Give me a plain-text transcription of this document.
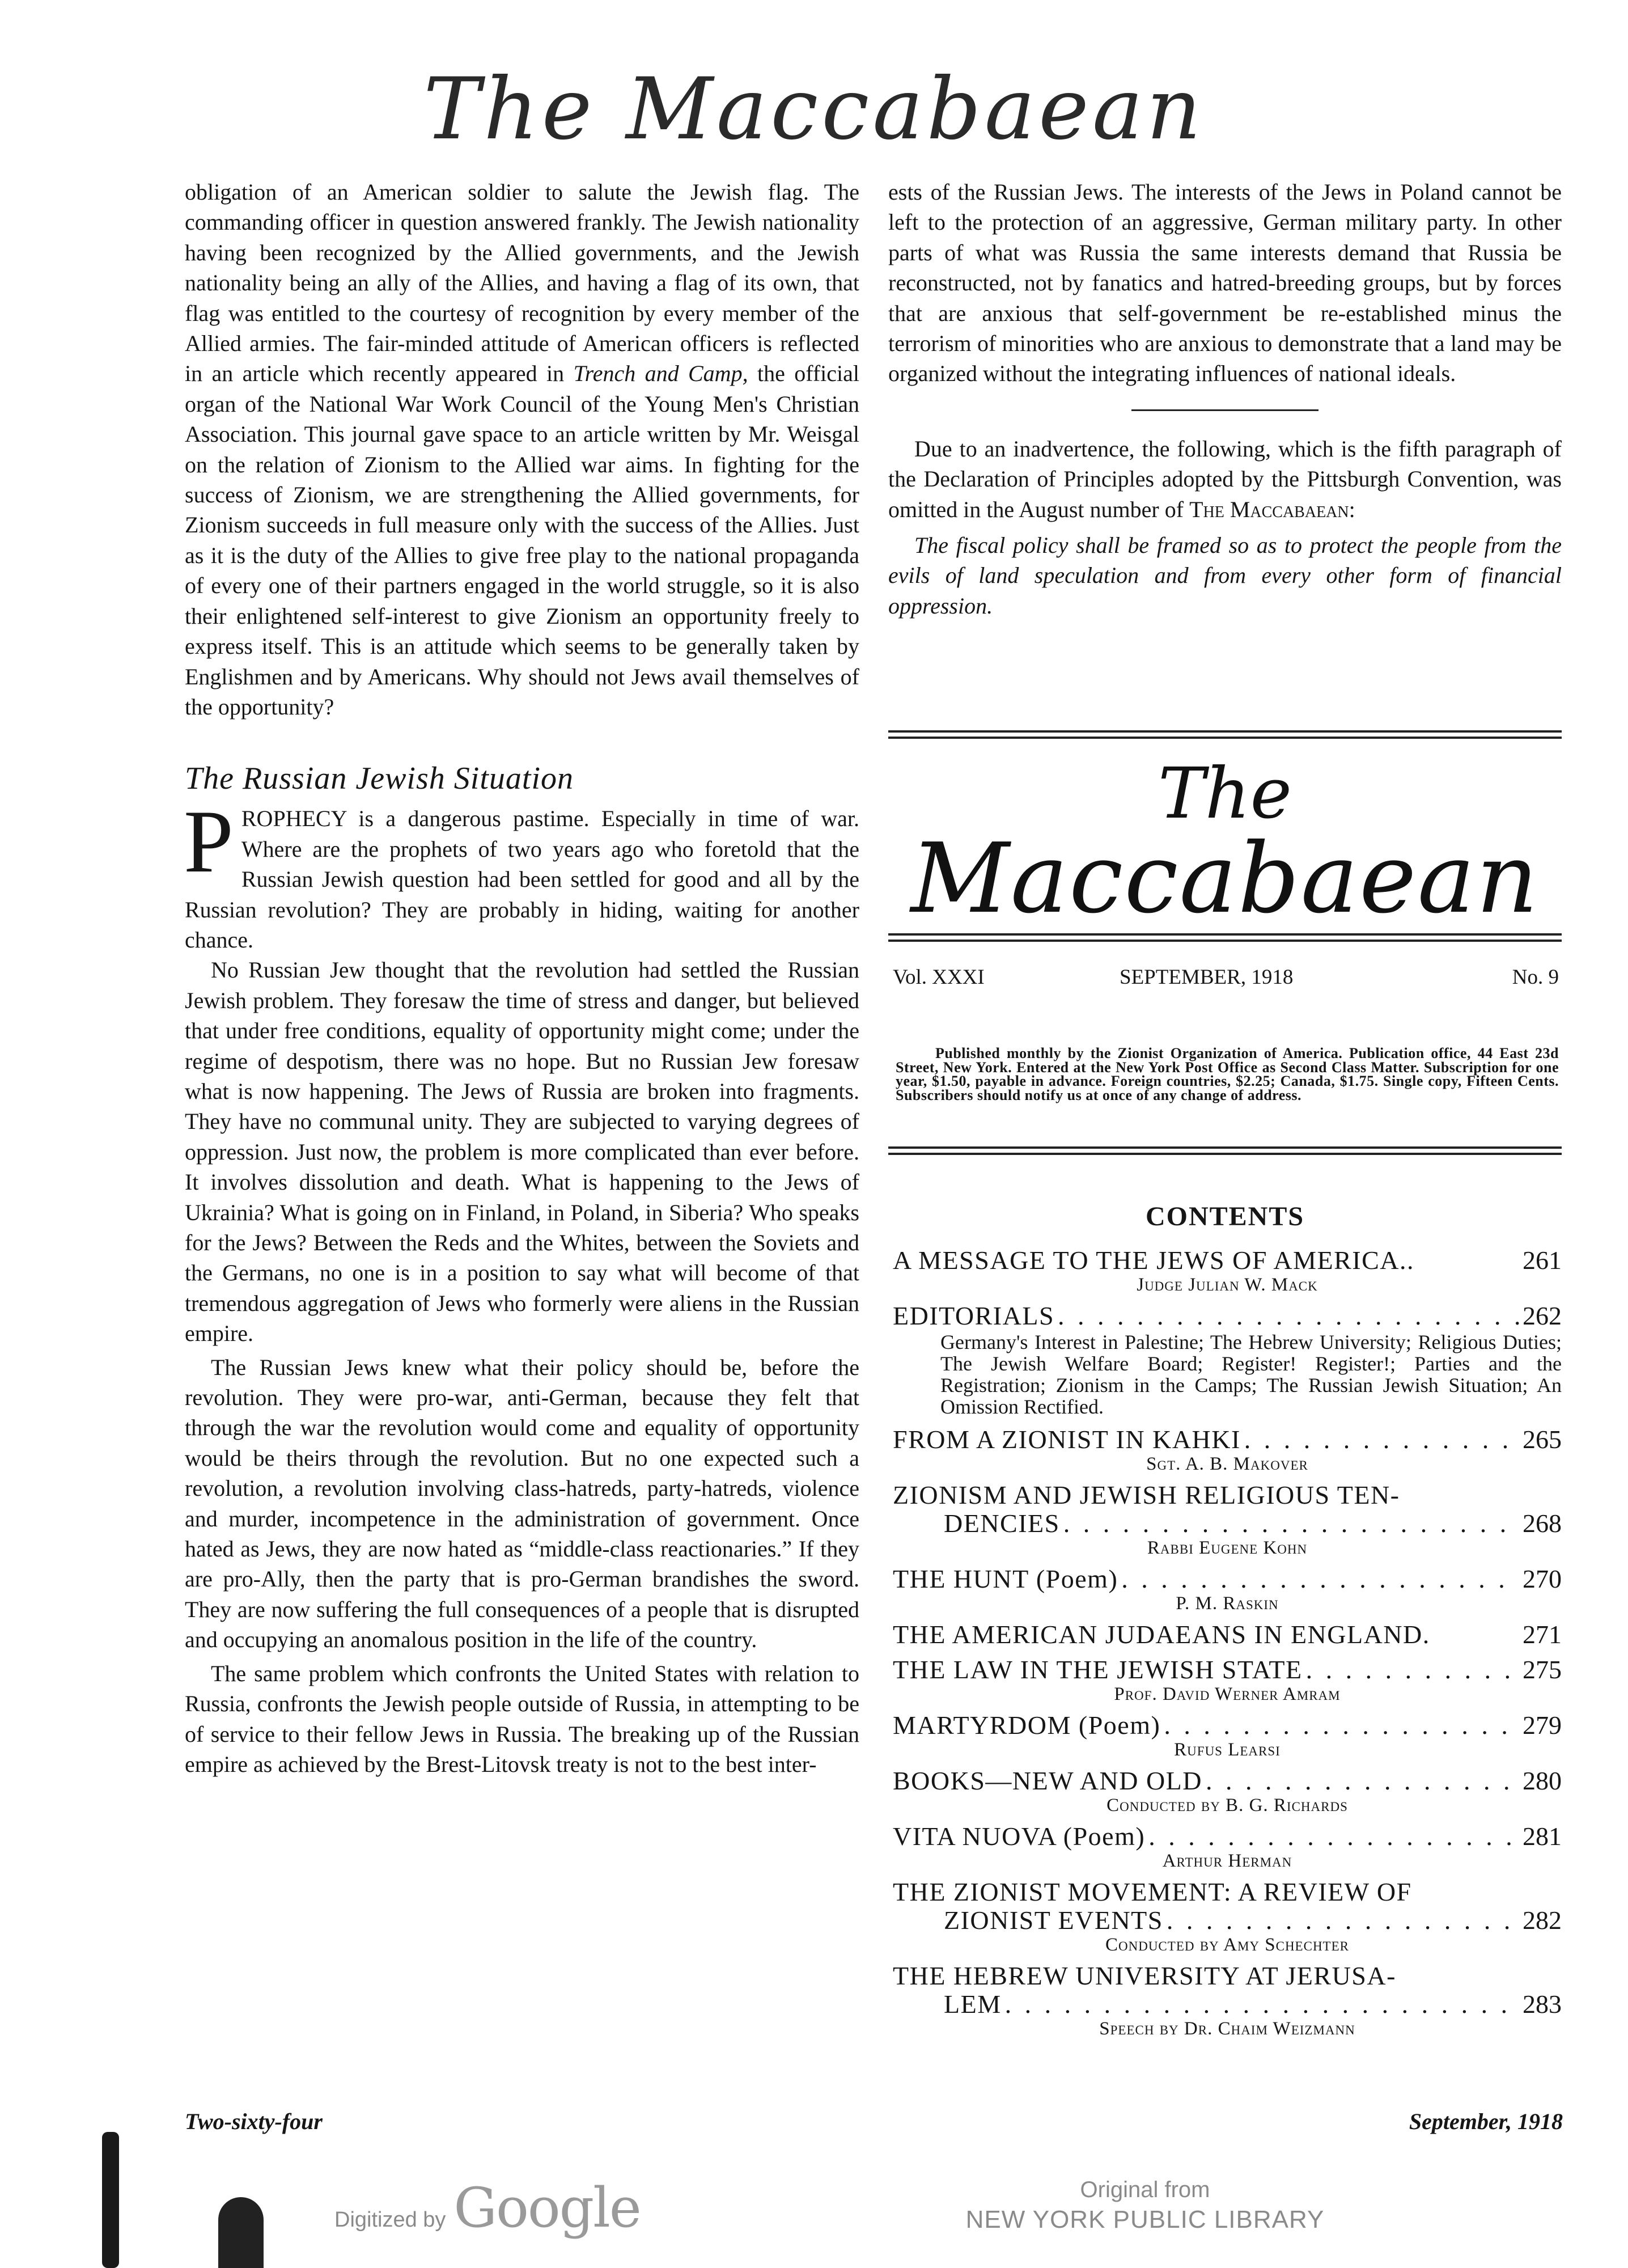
The Maccabaean

obligation of an American soldier to salute the Jewish flag. The commanding officer in question answered frankly. The Jewish nationality having been recognized by the Allied governments, and the Jewish nationality being an ally of the Allies, and having a flag of its own, that flag was entitled to the courtesy of recognition by every member of the Allied armies. The fair-minded attitude of American officers is reflected in an article which recently appeared in Trench and Camp, the official organ of the National War Work Council of the Young Men's Christian Association. This journal gave space to an article written by Mr. Weisgal on the relation of Zionism to the Allied war aims. In fighting for the success of Zionism, we are strengthening the Allied governments, for Zionism succeeds in full measure only with the success of the Allies. Just as it is the duty of the Allies to give free play to the national propaganda of every one of their partners engaged in the world struggle, so it is also their enlightened self-interest to give Zionism an opportunity freely to express itself. This is an attitude which seems to be generally taken by Englishmen and by Americans. Why should not Jews avail themselves of the opportunity?

The Russian Jewish Situation

PROPHECY is a dangerous pastime. Especially in time of war. Where are the prophets of two years ago who foretold that the Russian Jewish question had been settled for good and all by the Russian revolution? They are probably in hiding, waiting for another chance.

No Russian Jew thought that the revolution had settled the Russian Jewish problem. They foresaw the time of stress and danger, but believed that under free conditions, equality of opportunity might come; under the regime of despotism, there was no hope. But no Russian Jew foresaw what is now happening. The Jews of Russia are broken into fragments. They have no communal unity. They are subjected to varying degrees of oppression. Just now, the problem is more complicated than ever before. It involves dissolution and death. What is happening to the Jews of Ukrainia? What is going on in Finland, in Poland, in Siberia? Who speaks for the Jews? Between the Reds and the Whites, between the Soviets and the Germans, no one is in a position to say what will become of that tremendous aggregation of Jews who formerly were aliens in the Russian empire.

The Russian Jews knew what their policy should be, before the revolution. They were pro-war, anti-German, because they felt that through the war the revolution would come and equality of opportunity would be theirs through the revolution. But no one expected such a revolution, a revolution involving class-hatreds, party-hatreds, violence and murder, incompetence in the administration of government. Once hated as Jews, they are now hated as “middle-class reactionaries.” If they are pro-Ally, then the party that is pro-German brandishes the sword. They are now suffering the full consequences of a people that is disrupted and occupying an anomalous position in the life of the country.

The same problem which confronts the United States with relation to Russia, confronts the Jewish people outside of Russia, in attempting to be of service to their fellow Jews in Russia. The breaking up of the Russian empire as achieved by the Brest-Litovsk treaty is not to the best inter-

ests of the Russian Jews. The interests of the Jews in Poland cannot be left to the protection of an aggressive, German military party. In other parts of what was Russia the same interests demand that Russia be reconstructed, not by fanatics and hatred-breeding groups, but by forces that are anxious that self-government be re-established minus the terrorism of minorities who are anxious to demonstrate that a land may be organized without the integrating influences of national ideals.

Due to an inadvertence, the following, which is the fifth paragraph of the Declaration of Principles adopted by the Pittsburgh Convention, was omitted in the August number of The Maccabaean:

The fiscal policy shall be framed so as to protect the people from the evils of land speculation and from every other form of financial oppression.

The
Maccabaean
Vol. XXXI	SEPTEMBER, 1918	No. 9
Published monthly by the Zionist Organization of America. Publication office, 44 East 23d Street, New York. Entered at the New York Post Office as Second Class Matter. Subscription for one year, $1.50, payable in advance. Foreign countries, $2.25; Canada, $1.75. Single copy, Fifteen Cents. Subscribers should notify us at once of any change of address.
CONTENTS
A MESSAGE TO THE JEWS OF AMERICA..	261
Judge Julian W. Mack
EDITORIALS . . .	262
Germany's Interest in Palestine; The Hebrew University; Religious Duties; The Jewish Welfare Board; Register! Register!; Parties and the Registration; Zionism in the Camps; The Russian Jewish Situation; An Omission Rectified.
FROM A ZIONIST IN KAHKI . . .	265
Sgt. A. B. Makover
ZIONISM AND JEWISH RELIGIOUS TEN-
DENCIES . . .	268
Rabbi Eugene Kohn
THE HUNT (Poem) . . .	270
P. M. Raskin
THE AMERICAN JUDAEANS IN ENGLAND.	271
THE LAW IN THE JEWISH STATE . . .	275
Prof. David Werner Amram
MARTYRDOM (Poem) . . .	279
Rufus Learsi
BOOKS—NEW AND OLD . . .	280
Conducted by B. G. Richards
VITA NUOVA (Poem) . . .	281
Arthur Herman
THE ZIONIST MOVEMENT: A REVIEW OF
ZIONIST EVENTS . . .	282
Conducted by Amy Schechter
THE HEBREW UNIVERSITY AT JERUSA-
LEM . . .	283
Speech by Dr. Chaim Weizmann
Two-sixty-four	September, 1918
Digitized by Google	Original from
NEW YORK PUBLIC LIBRARY
